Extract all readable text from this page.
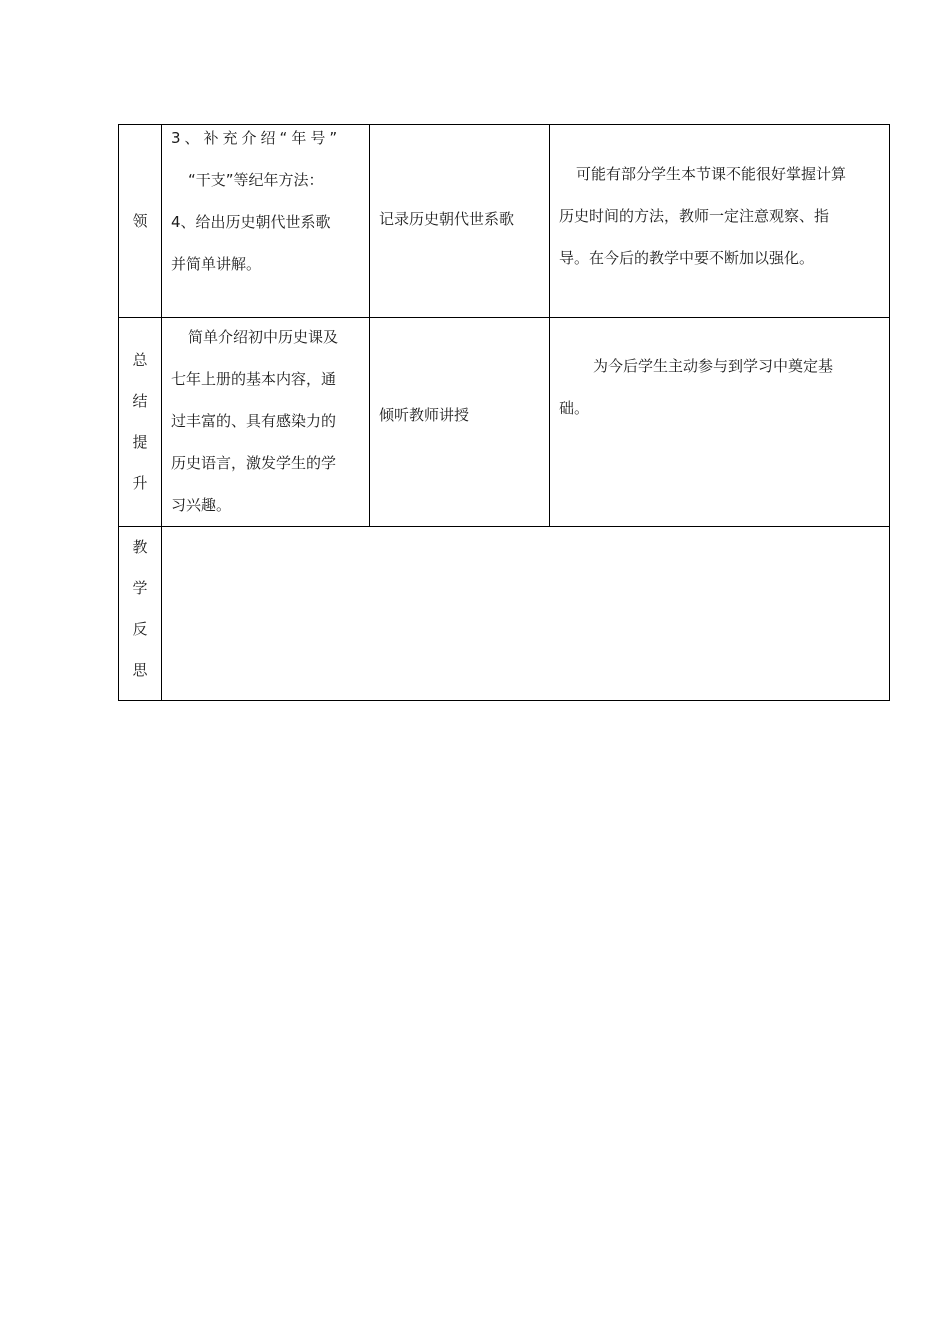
领	3、补充介绍“年号”
“干支”等纪年方法：
4、给出历史朝代世系歌
并简单讲解。	记录历史朝代世系歌	可能有部分学生本节课不能很好掌握计算
历史时间的方法，教师一定注意观察、指
导。在今后的教学中要不断加以强化。

总
结
提
升	简单介绍初中历史课及
七年上册的基本内容，通
过丰富的、具有感染力的
历史语言，激发学生的学
习兴趣。	倾听教师讲授	为今后学生主动参与到学习中奠定基
础。

教
学
反
思			
